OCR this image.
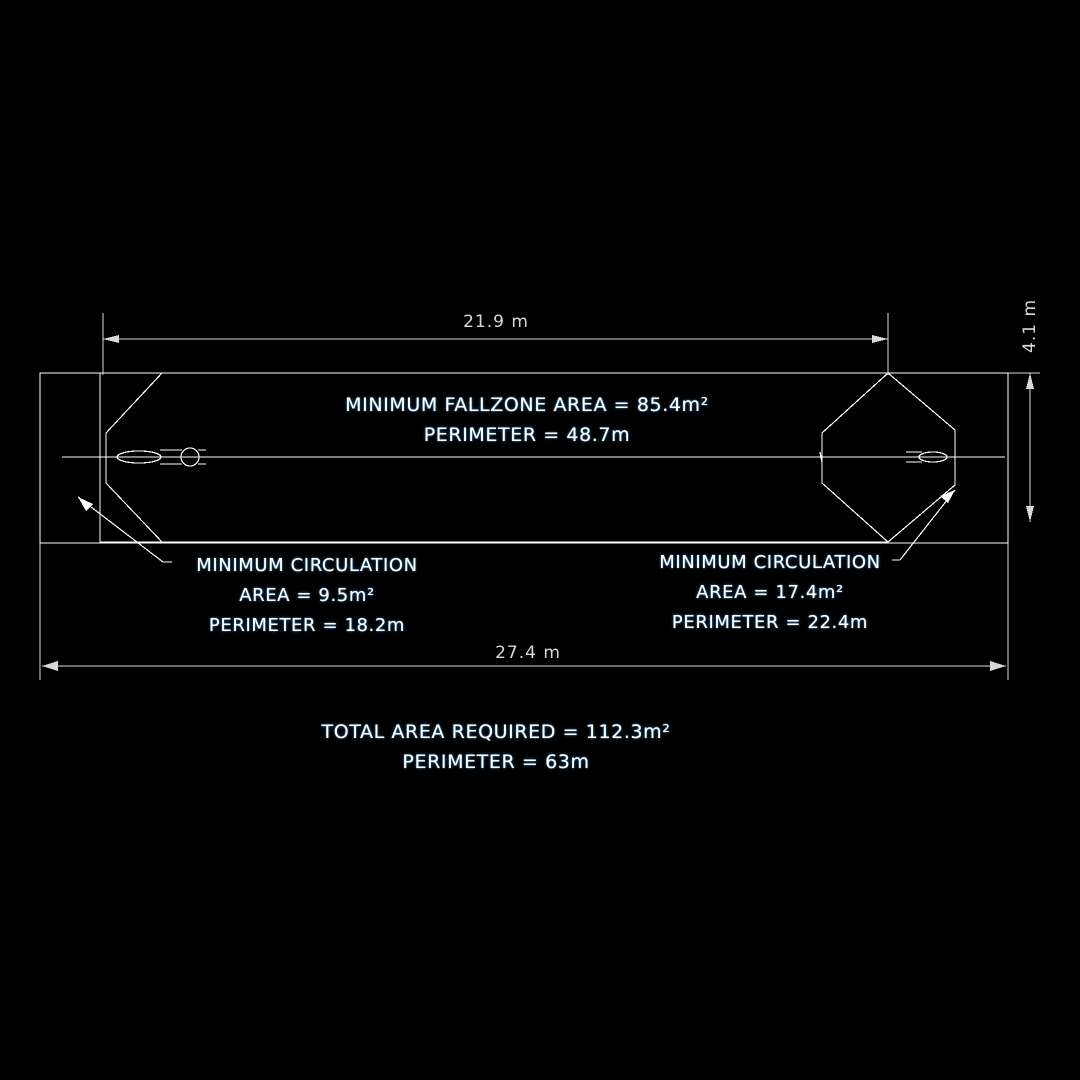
21.9 m	4.1 m
27.4 m
MINIMUM FALLZONE AREA = 85.4m²
PERIMETER = 48.7m
MINIMUM CIRCULATION
AREA = 9.5m²
PERIMETER = 18.2m
MINIMUM CIRCULATION
AREA = 17.4m²
PERIMETER = 22.4m
TOTAL AREA REQUIRED = 112.3m²
PERIMETER = 63m
